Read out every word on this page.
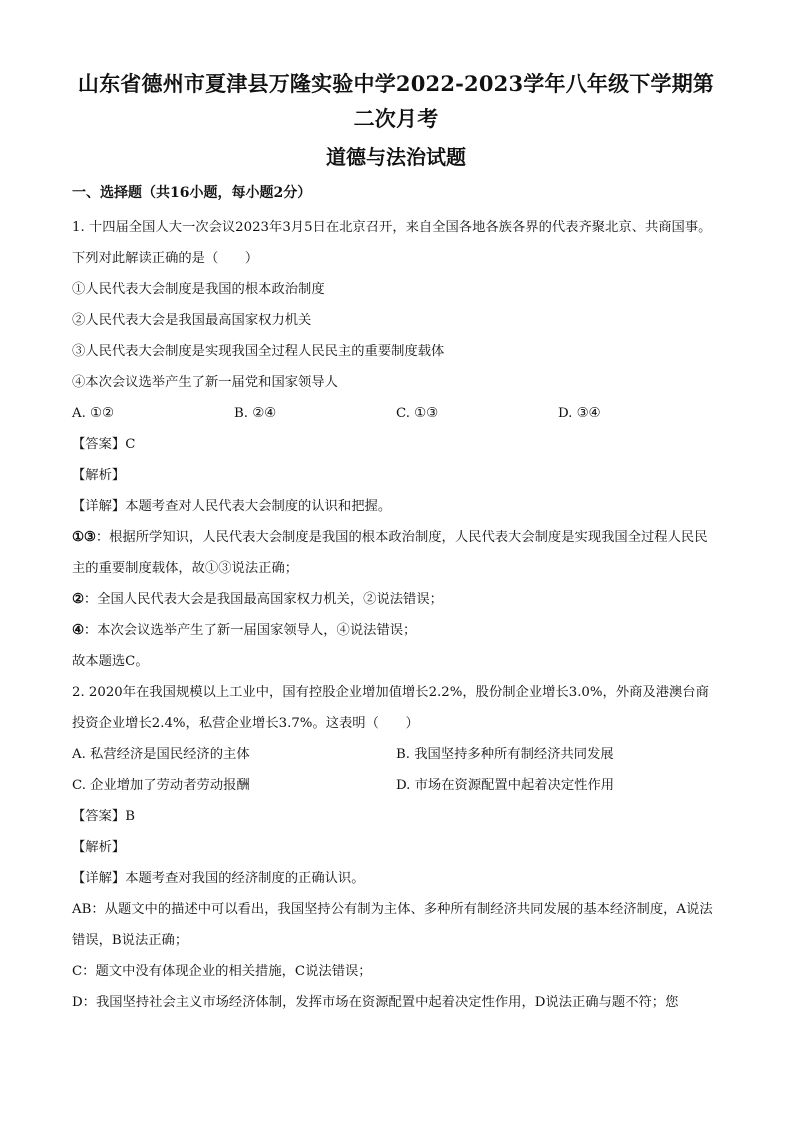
山东省德州市夏津县万隆实验中学2022-2023学年八年级下学期第二次月考
道德与法治试题
一、选择题（共16小题，每小题2分）
1. 十四届全国人大一次会议2023年3月5日在北京召开，来自全国各地各族各界的代表齐聚北京、共商国事。下列对此解读正确的是（　　）
①人民代表大会制度是我国的根本政治制度
②人民代表大会是我国最高国家权力机关
③人民代表大会制度是实现我国全过程人民民主的重要制度载体
④本次会议选举产生了新一届党和国家领导人
A. ①②	B. ②④	C. ①③	D. ③④
【答案】C
【解析】
【详解】本题考查对人民代表大会制度的认识和把握。
①③：根据所学知识，人民代表大会制度是我国的根本政治制度，人民代表大会制度是实现我国全过程人民民主的重要制度载体，故①③说法正确；
②：全国人民代表大会是我国最高国家权力机关，②说法错误；
④：本次会议选举产生了新一届国家领导人，④说法错误；
故本题选C。
2. 2020年在我国规模以上工业中，国有控股企业增加值增长2.2%，股份制企业增长3.0%，外商及港澳台商投资企业增长2.4%，私营企业增长3.7%。这表明（　　）
A. 私营经济是国民经济的主体	B. 我国坚持多种所有制经济共同发展
C. 企业增加了劳动者劳动报酬	D. 市场在资源配置中起着决定性作用
【答案】B
【解析】
【详解】本题考查对我国的经济制度的正确认识。
AB：从题文中的描述中可以看出，我国坚持公有制为主体、多种所有制经济共同发展的基本经济制度，A说法错误，B说法正确；
C：题文中没有体现企业的相关措施，C说法错误；
D：我国坚持社会主义市场经济体制，发挥市场在资源配置中起着决定性作用，D说法正确与题不符；您
